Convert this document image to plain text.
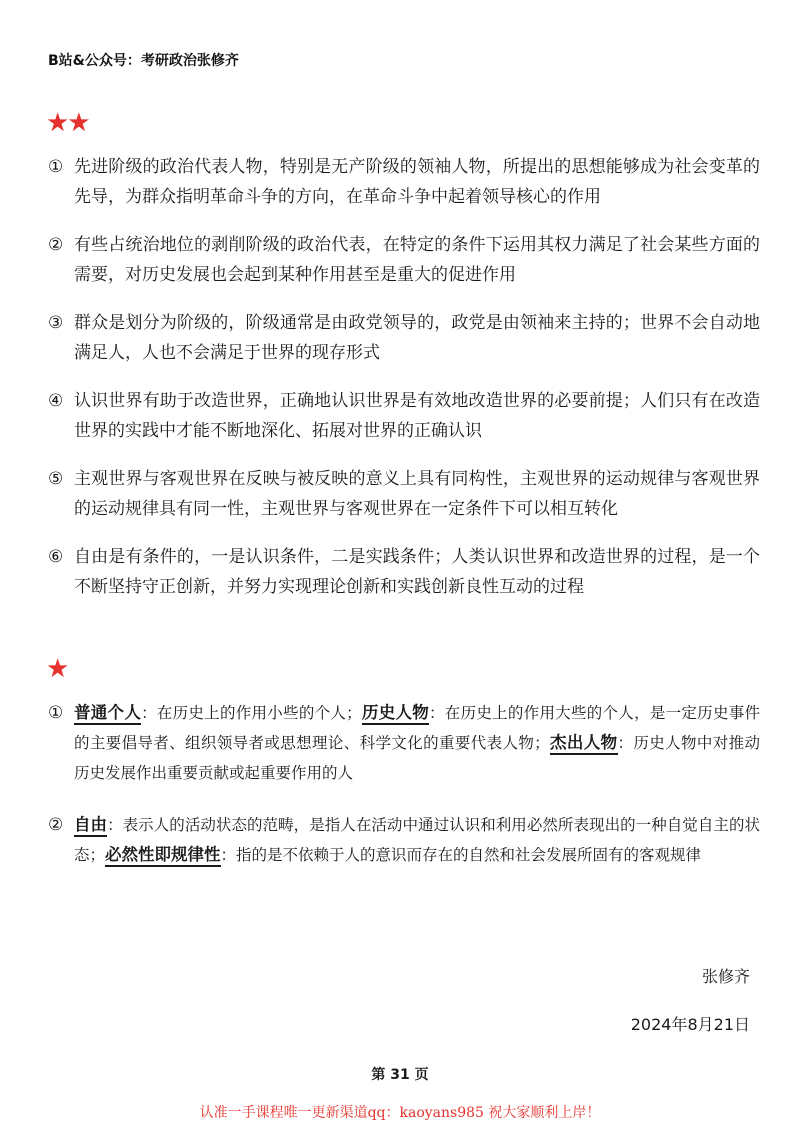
B站&公众号：考研政治张修齐
★★
① 先进阶级的政治代表人物，特别是无产阶级的领袖人物，所提出的思想能够成为社会变革的先导，为群众指明革命斗争的方向，在革命斗争中起着领导核心的作用
② 有些占统治地位的剥削阶级的政治代表，在特定的条件下运用其权力满足了社会某些方面的需要，对历史发展也会起到某种作用甚至是重大的促进作用
③ 群众是划分为阶级的，阶级通常是由政党领导的，政党是由领袖来主持的；世界不会自动地满足人，人也不会满足于世界的现存形式
④ 认识世界有助于改造世界，正确地认识世界是有效地改造世界的必要前提；人们只有在改造世界的实践中才能不断地深化、拓展对世界的正确认识
⑤ 主观世界与客观世界在反映与被反映的意义上具有同构性，主观世界的运动规律与客观世界的运动规律具有同一性，主观世界与客观世界在一定条件下可以相互转化
⑥ 自由是有条件的，一是认识条件，二是实践条件；人类认识世界和改造世界的过程，是一个不断坚持守正创新，并努力实现理论创新和实践创新良性互动的过程
★
① 普通个人：在历史上的作用小些的个人；历史人物：在历史上的作用大些的个人，是一定历史事件的主要倡导者、组织领导者或思想理论、科学文化的重要代表人物；杰出人物：历史人物中对推动历史发展作出重要贡献或起重要作用的人
② 自由：表示人的活动状态的范畴，是指人在活动中通过认识和利用必然所表现出的一种自觉自主的状态；必然性即规律性：指的是不依赖于人的意识而存在的自然和社会发展所固有的客观规律
张修齐
2024年8月21日
第 31 页
认准一手课程唯一更新渠道qq：kaoyans985 祝大家顺利上岸！
